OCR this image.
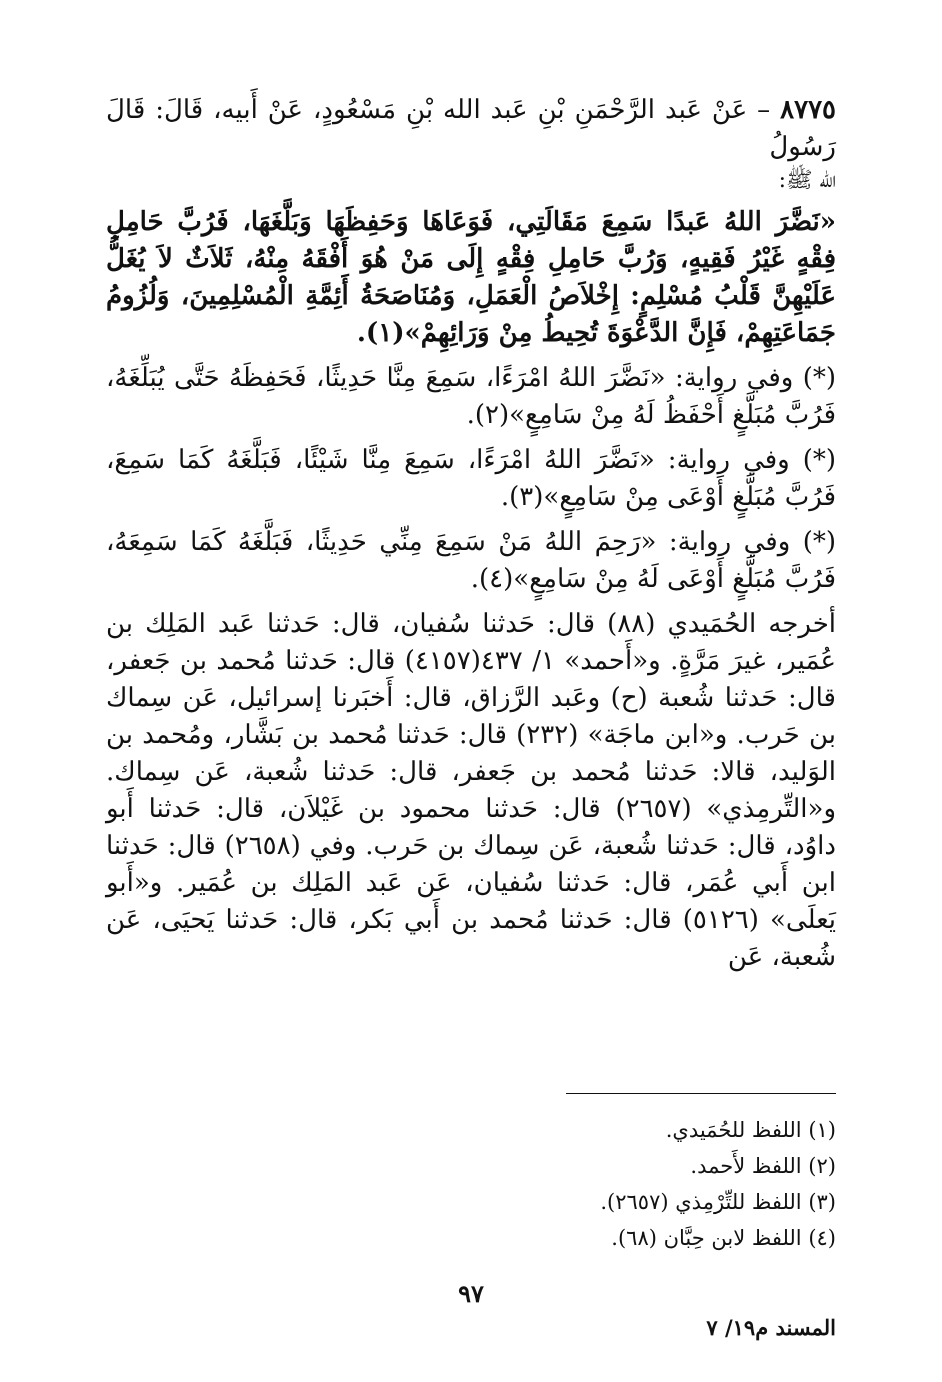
٨٧٧٥ – عَنْ عَبد الرَّحْمَنِ بْنِ عَبد الله بْنِ مَسْعُودٍ، عَنْ أَبيه، قَالَ: قَالَ رَسُولُ

الله ﷺ:

«نَضَّرَ اللهُ عَبدًا سَمِعَ مَقَالَتِي، فَوَعَاهَا وَحَفِظَهَا وَبَلَّغَهَا، فَرُبَّ حَامِلِ فِقْهٍ غَيْرُ فَقِيهٍ، وَرُبَّ حَامِلِ فِقْهٍ إِلَى مَنْ هُوَ أَفْقَهُ مِنْهُ، ثَلاَثٌ لاَ يُغَلُّ عَلَيْهِنَّ قَلْبُ مُسْلِمٍ: إِخْلاَصُ الْعَمَلِ، وَمُنَاصَحَةُ أَئِمَّةِ الْمُسْلِمِينَ، وَلُزُومُ جَمَاعَتِهِمْ، فَإِنَّ الدَّعْوَةَ تُحِيطُ مِنْ وَرَائِهِمْ»(١).

(*) وفي رواية: «نَضَّرَ اللهُ امْرَءًا، سَمِعَ مِنَّا حَدِيثًا، فَحَفِظَهُ حَتَّى يُبَلِّغَهُ، فَرُبَّ مُبَلَّغٍ أَحْفَظُ لَهُ مِنْ سَامِعٍ»(٢).

(*) وفي رواية: «نَضَّرَ اللهُ امْرَءًا، سَمِعَ مِنَّا شَيْئًا، فَبَلَّغَهُ كَمَا سَمِعَ، فَرُبَّ مُبَلَّغٍ أَوْعَى مِنْ سَامِعٍ»(٣).

(*) وفي رواية: «رَحِمَ اللهُ مَنْ سَمِعَ مِنِّي حَدِيثًا، فَبَلَّغَهُ كَمَا سَمِعَهُ، فَرُبَّ مُبَلَّغٍ أَوْعَى لَهُ مِنْ سَامِعٍ»(٤).

أخرجه الحُمَيدي (٨٨) قال: حَدثنا سُفيان، قال: حَدثنا عَبد المَلِك بن عُمَير، غيرَ مَرَّةٍ. و«أَحمد» ١/ ٤٣٧(٤١٥٧) قال: حَدثنا مُحمد بن جَعفر، قال: حَدثنا شُعبة (ح) وعَبد الرَّزاق، قال: أَخبَرنا إسرائيل، عَن سِماك بن حَرب. و«ابن ماجَة» (٢٣٢) قال: حَدثنا مُحمد بن بَشَّار، ومُحمد بن الوَليد، قالا: حَدثنا مُحمد بن جَعفر، قال: حَدثنا شُعبة، عَن سِماك. و«التِّرمِذي» (٢٦٥٧) قال: حَدثنا محمود بن غَيْلاَن، قال: حَدثنا أَبو داوُد، قال: حَدثنا شُعبة، عَن سِماك بن حَرب. وفي (٢٦٥٨) قال: حَدثنا ابن أَبي عُمَر، قال: حَدثنا سُفيان، عَن عَبد المَلِك بن عُمَير. و«أَبو يَعلَى» (٥١٢٦) قال: حَدثنا مُحمد بن أَبي بَكر، قال: حَدثنا يَحيَى، عَن شُعبة، عَن

(١) اللفظ للحُمَيدي.

(٢) اللفظ لأَحمد.

(٣) اللفظ للتِّرْمِذي (٢٦٥٧).

(٤) اللفظ لابن حِبَّان (٦٨).

٩٧
المسند م١٩/ ٧
